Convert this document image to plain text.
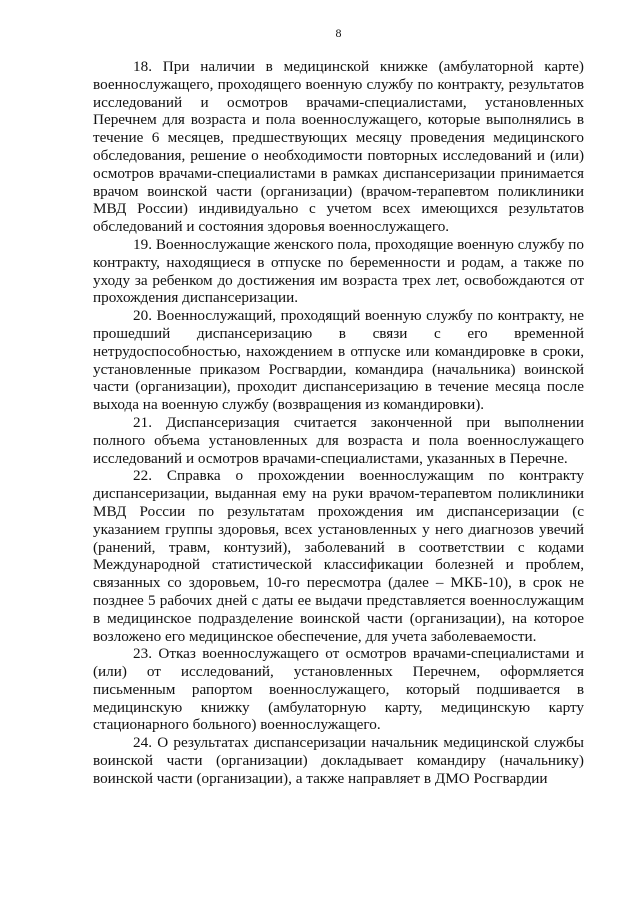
8

18. При наличии в медицинской книжке (амбулаторной карте) военнослужащего, проходящего военную службу по контракту, результатов исследований и осмотров врачами-специалистами, установленных Перечнем для возраста и пола военнослужащего, которые выполнялись в течение 6 месяцев, предшествующих месяцу проведения медицинского обследования, решение о необходимости повторных исследований и (или) осмотров врачами-специалистами в рамках диспансеризации принимается врачом воинской части (организации) (врачом-терапевтом поликлиники МВД России) индивидуально с учетом всех имеющихся результатов обследований и состояния здоровья военнослужащего.

19. Военнослужащие женского пола, проходящие военную службу по контракту, находящиеся в отпуске по беременности и родам, а также по уходу за ребенком до достижения им возраста трех лет, освобождаются от прохождения диспансеризации.

20. Военнослужащий, проходящий военную службу по контракту, не прошедший диспансеризацию в связи с его временной нетрудоспособностью, нахождением в отпуске или командировке в сроки, установленные приказом Росгвардии, командира (начальника) воинской части (организации), проходит диспансеризацию в течение месяца после выхода на военную службу (возвращения из командировки).

21. Диспансеризация считается законченной при выполнении полного объема установленных для возраста и пола военнослужащего исследований и осмотров врачами-специалистами, указанных в Перечне.

22. Справка о прохождении военнослужащим по контракту диспансеризации, выданная ему на руки врачом-терапевтом поликлиники МВД России по результатам прохождения им диспансеризации (с указанием группы здоровья, всех установленных у него диагнозов увечий (ранений, травм, контузий), заболеваний в соответствии с кодами Международной статистической классификации болезней и проблем, связанных со здоровьем, 10-го пересмотра (далее – МКБ-10), в срок не позднее 5 рабочих дней с даты ее выдачи представляется военнослужащим в медицинское подразделение воинской части (организации), на которое возложено его медицинское обеспечение, для учета заболеваемости.

23. Отказ военнослужащего от осмотров врачами-специалистами и (или) от исследований, установленных Перечнем, оформляется письменным рапортом военнослужащего, который подшивается в медицинскую книжку (амбулаторную карту, медицинскую карту стационарного больного) военнослужащего.

24. О результатах диспансеризации начальник медицинской службы воинской части (организации) докладывает командиру (начальнику) воинской части (организации), а также направляет в ДМО Росгвардии
